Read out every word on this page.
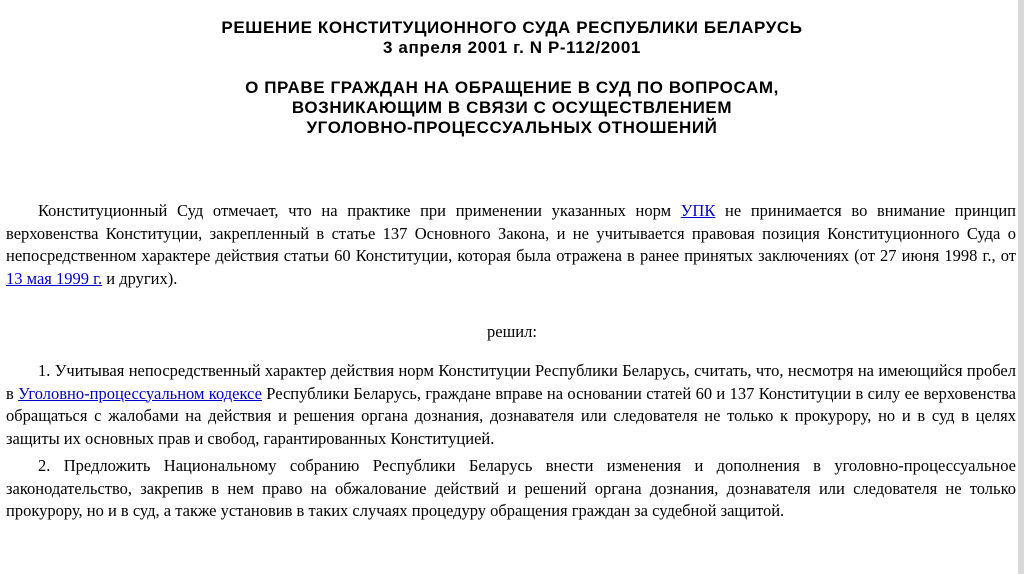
РЕШЕНИЕ КОНСТИТУЦИОННОГО СУДА РЕСПУБЛИКИ БЕЛАРУСЬ
3 апреля 2001 г. N Р-112/2001
О ПРАВЕ ГРАЖДАН НА ОБРАЩЕНИЕ В СУД ПО ВОПРОСАМ,
ВОЗНИКАЮЩИМ В СВЯЗИ С ОСУЩЕСТВЛЕНИЕМ
УГОЛОВНО-ПРОЦЕССУАЛЬНЫХ ОТНОШЕНИЙ
Конституционный Суд отмечает, что на практике при применении указанных норм УПК не принимается во внимание принцип верховенства Конституции, закрепленный в статье 137 Основного Закона, и не учитывается правовая позиция Конституционного Суда о непосредственном характере действия статьи 60 Конституции, которая была отражена в ранее принятых заключениях (от 27 июня 1998 г., от 13 мая 1999 г. и других).
решил:
1. Учитывая непосредственный характер действия норм Конституции Республики Беларусь, считать, что, несмотря на имеющийся пробел в Уголовно-процессуальном кодексе Республики Беларусь, граждане вправе на основании статей 60 и 137 Конституции в силу ее верховенства обращаться с жалобами на действия и решения органа дознания, дознавателя или следователя не только к прокурору, но и в суд в целях защиты их основных прав и свобод, гарантированных Конституцией.
2. Предложить Национальному собранию Республики Беларусь внести изменения и дополнения в уголовно-процессуальное законодательство, закрепив в нем право на обжалование действий и решений органа дознания, дознавателя или следователя не только прокурору, но и в суд, а также установив в таких случаях процедуру обращения граждан за судебной защитой.
